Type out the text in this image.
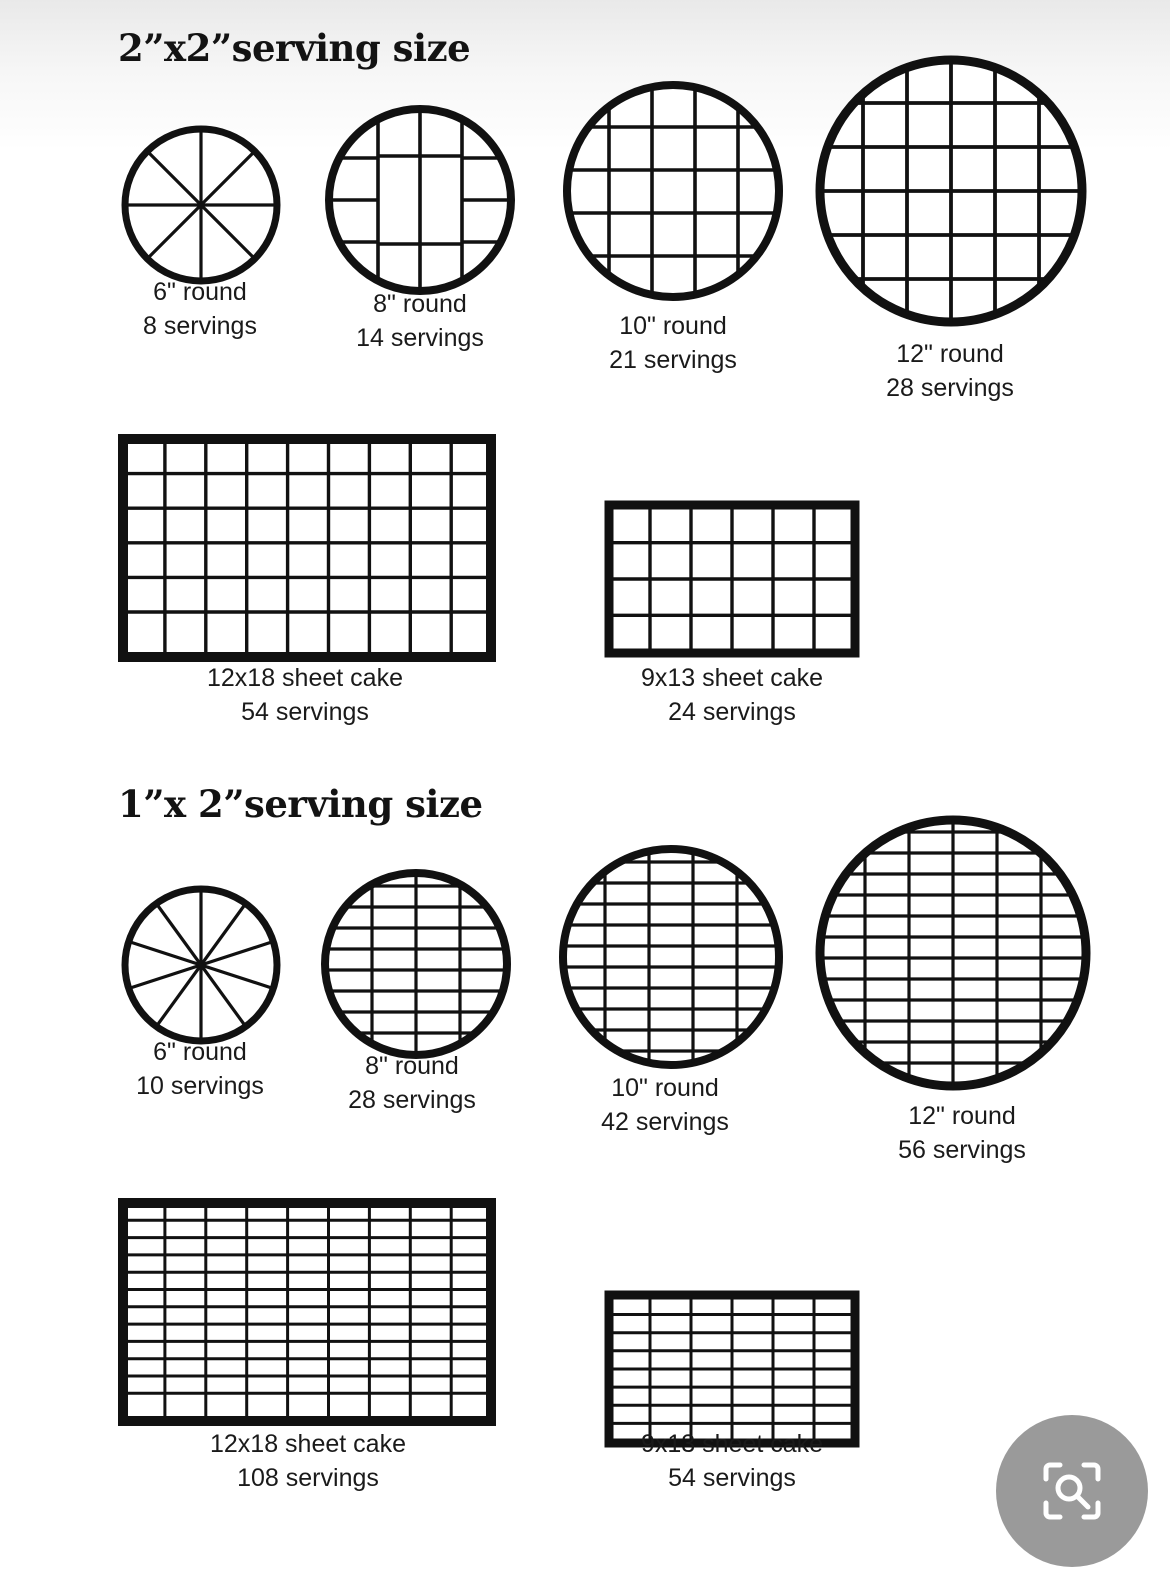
2”x2”serving size
6" round
8 servings
8" round
14 servings	10" round
21 servings	12" round
28 servings
12x18 sheet cake
54 servings
9x13 sheet cake
24 servings
1”x 2”serving size
6" round
10 servings
8" round
28 servings	10" round
42 servings	12" round
56 servings
12x18 sheet cake
108 servings
9x13 sheet cake
54 servings
